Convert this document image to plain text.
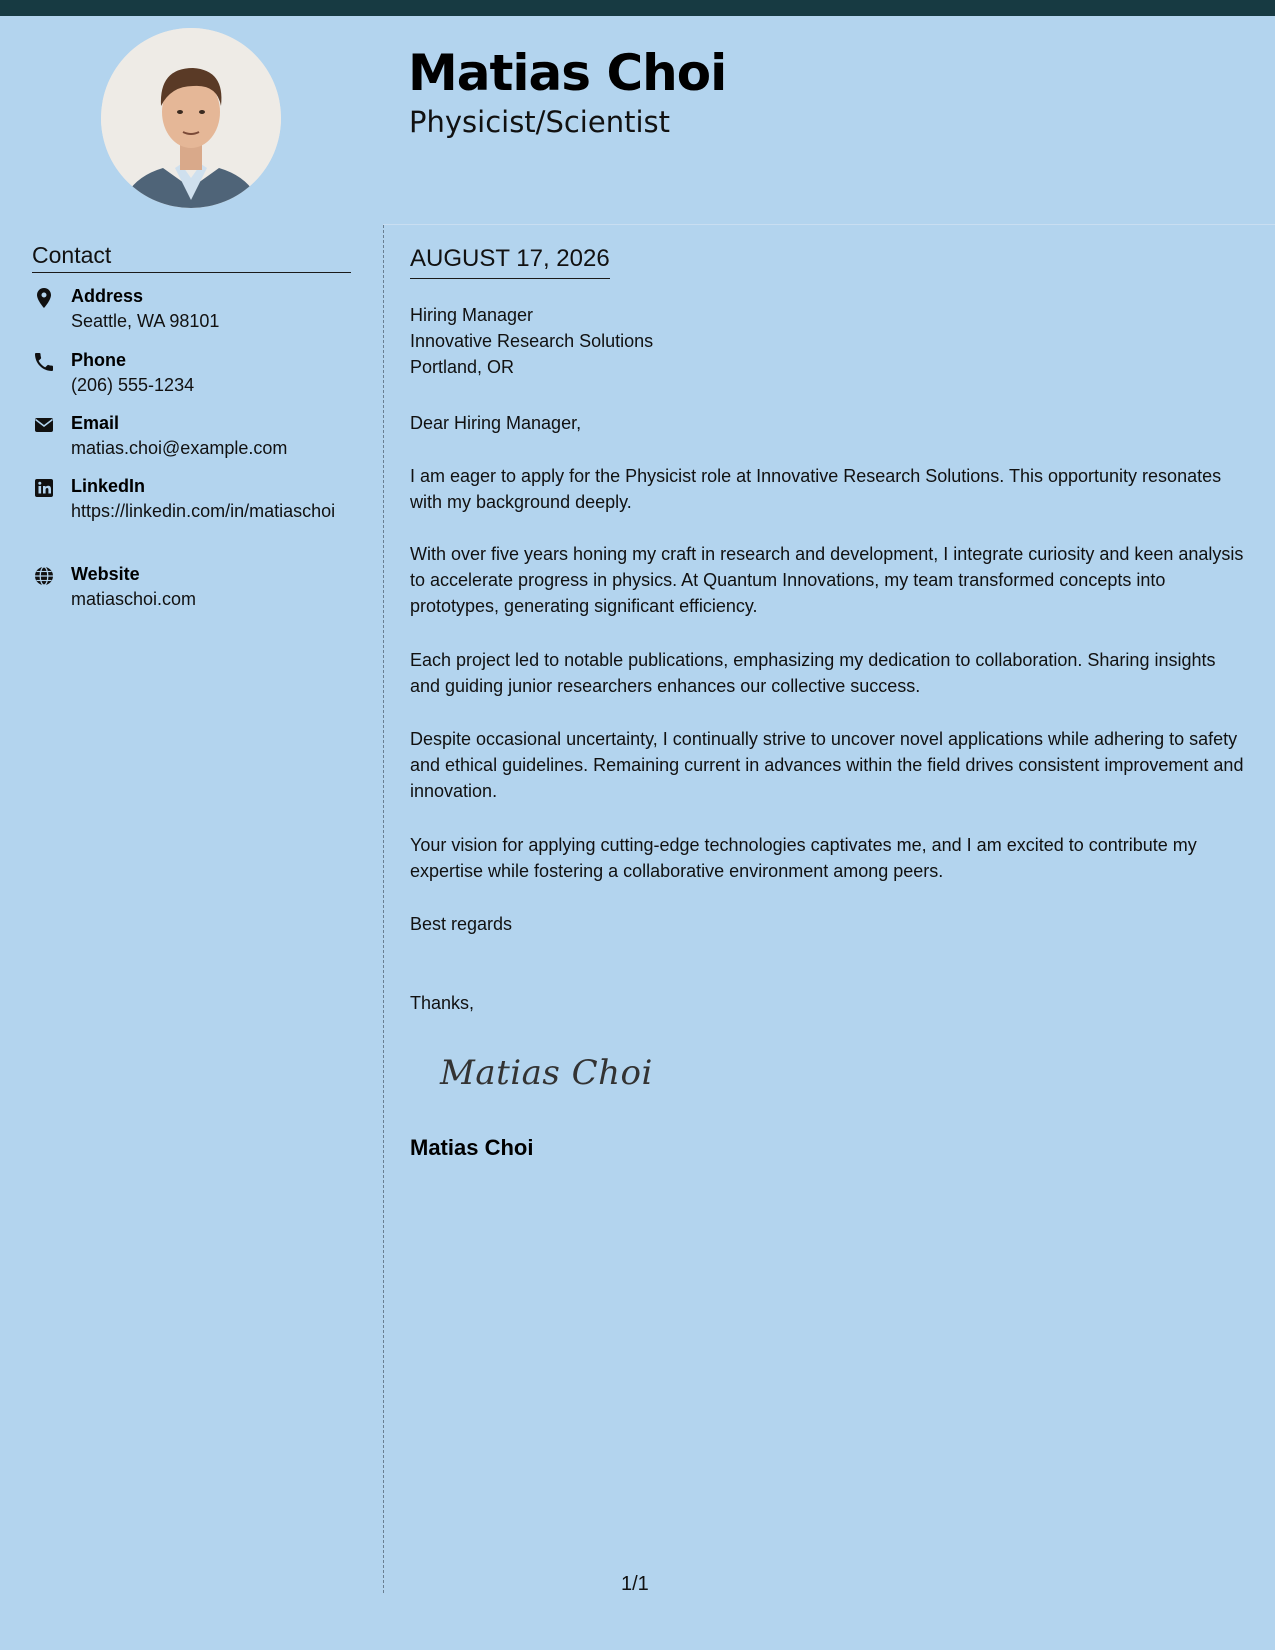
Matias Choi
Physicist/Scientist
Contact
Address
Seattle, WA 98101
Phone
(206) 555-1234
Email
matias.choi@example.com
LinkedIn
https://linkedin.com/in/matiaschoi
Website
matiaschoi.com
AUGUST 17, 2026

Hiring Manager

Innovative Research Solutions

Portland, OR

Dear Hiring Manager,
I am eager to apply for the Physicist role at Innovative Research Solutions. This opportunity resonates with my background deeply.
With over five years honing my craft in research and development, I integrate curiosity and keen analysis to accelerate progress in physics. At Quantum Innovations, my team transformed concepts into prototypes, generating significant efficiency.
Each project led to notable publications, emphasizing my dedication to collaboration. Sharing insights and guiding junior researchers enhances our collective success.
Despite occasional uncertainty, I continually strive to uncover novel applications while adhering to safety and ethical guidelines. Remaining current in advances within the field drives consistent improvement and innovation.
Your vision for applying cutting-edge technologies captivates me, and I am excited to contribute my expertise while fostering a collaborative environment among peers.
Best regards
Thanks,
Matias Choi
Matias Choi
1/1
